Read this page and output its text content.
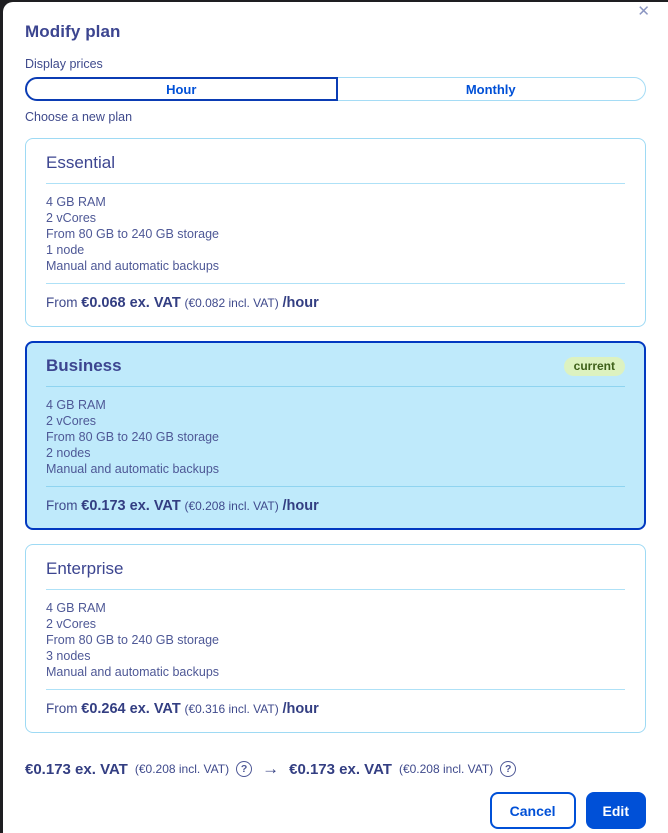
Modify plan
✕
Display prices
Hour	Monthly
Choose a new plan
Essential
4 GB RAM
2 vCores
From 80 GB to 240 GB storage
1 node
Manual and automatic backups
From €0.068 ex. VAT (€0.082 incl. VAT) /hour
Business	current
4 GB RAM
2 vCores
From 80 GB to 240 GB storage
2 nodes
Manual and automatic backups
From €0.173 ex. VAT (€0.208 incl. VAT) /hour
Enterprise
4 GB RAM
2 vCores
From 80 GB to 240 GB storage
3 nodes
Manual and automatic backups
From €0.264 ex. VAT (€0.316 incl. VAT) /hour
€0.173 ex. VAT (€0.208 incl. VAT) ? → €0.173 ex. VAT (€0.208 incl. VAT) ?
Cancel	Edit
